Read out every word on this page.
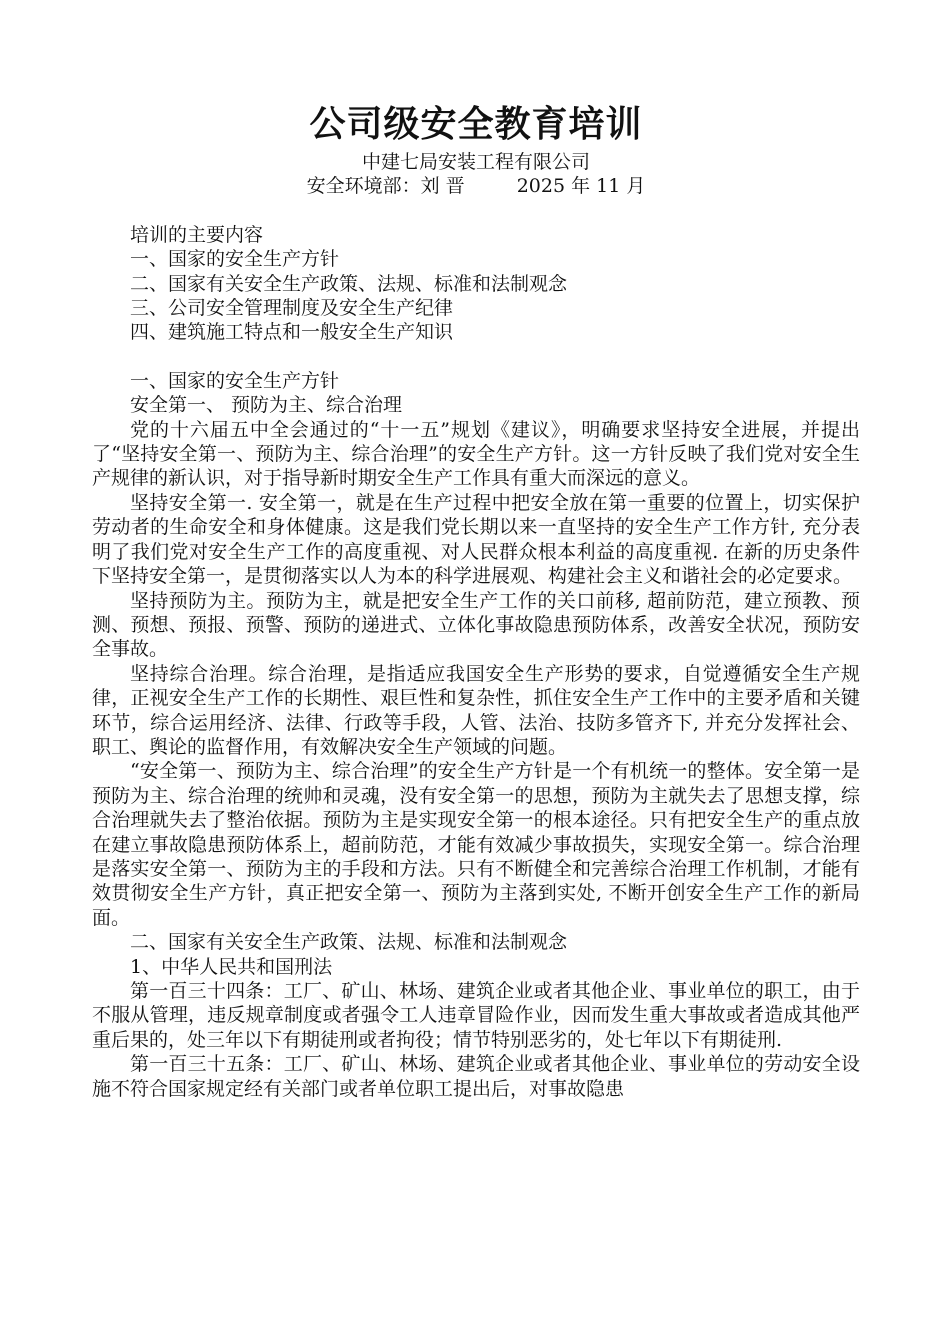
公司级安全教育培训

中建七局安装工程有限公司

安全环境部：刘 晋	2025 年 11 月

培训的主要内容

一、国家的安全生产方针

二、国家有关安全生产政策、法规、标准和法制观念

三、公司安全管理制度及安全生产纪律

四、建筑施工特点和一般安全生产知识

一、国家的安全生产方针

安全第一、 预防为主、综合治理

党的十六届五中全会通过的“十一五”规划《建议》，明确要求坚持安全进展，并提出了“坚持安全第一、预防为主、综合治理”的安全生产方针。这一方针反映了我们党对安全生产规律的新认识，对于指导新时期安全生产工作具有重大而深远的意义。

坚持安全第一. 安全第一，就是在生产过程中把安全放在第一重要的位置上，切实保护劳动者的生命安全和身体健康。这是我们党长期以来一直坚持的安全生产工作方针, 充分表明了我们党对安全生产工作的高度重视、对人民群众根本利益的高度重视. 在新的历史条件下坚持安全第一，是贯彻落实以人为本的科学进展观、构建社会主义和谐社会的必定要求。

坚持预防为主。预防为主，就是把安全生产工作的关口前移, 超前防范，建立预教、预测、预想、预报、预警、预防的递进式、立体化事故隐患预防体系，改善安全状况，预防安全事故。

坚持综合治理。综合治理，是指适应我国安全生产形势的要求，自觉遵循安全生产规律，正视安全生产工作的长期性、艰巨性和复杂性，抓住安全生产工作中的主要矛盾和关键环节，综合运用经济、法律、行政等手段，人管、法治、技防多管齐下, 并充分发挥社会、职工、舆论的监督作用，有效解决安全生产领域的问题。

“安全第一、预防为主、综合治理”的安全生产方针是一个有机统一的整体。安全第一是预防为主、综合治理的统帅和灵魂，没有安全第一的思想，预防为主就失去了思想支撑，综合治理就失去了整治依据。预防为主是实现安全第一的根本途径。只有把安全生产的重点放在建立事故隐患预防体系上，超前防范，才能有效减少事故损失，实现安全第一。综合治理是落实安全第一、预防为主的手段和方法。只有不断健全和完善综合治理工作机制，才能有效贯彻安全生产方针，真正把安全第一、预防为主落到实处, 不断开创安全生产工作的新局面。

二、国家有关安全生产政策、法规、标准和法制观念

1、中华人民共和国刑法

第一百三十四条：工厂、矿山、林场、建筑企业或者其他企业、事业单位的职工，由于不服从管理，违反规章制度或者强令工人违章冒险作业，因而发生重大事故或者造成其他严重后果的，处三年以下有期徒刑或者拘役；情节特别恶劣的，处七年以下有期徒刑.

第一百三十五条：工厂、矿山、林场、建筑企业或者其他企业、事业单位的劳动安全设施不符合国家规定经有关部门或者单位职工提出后，对事故隐患
